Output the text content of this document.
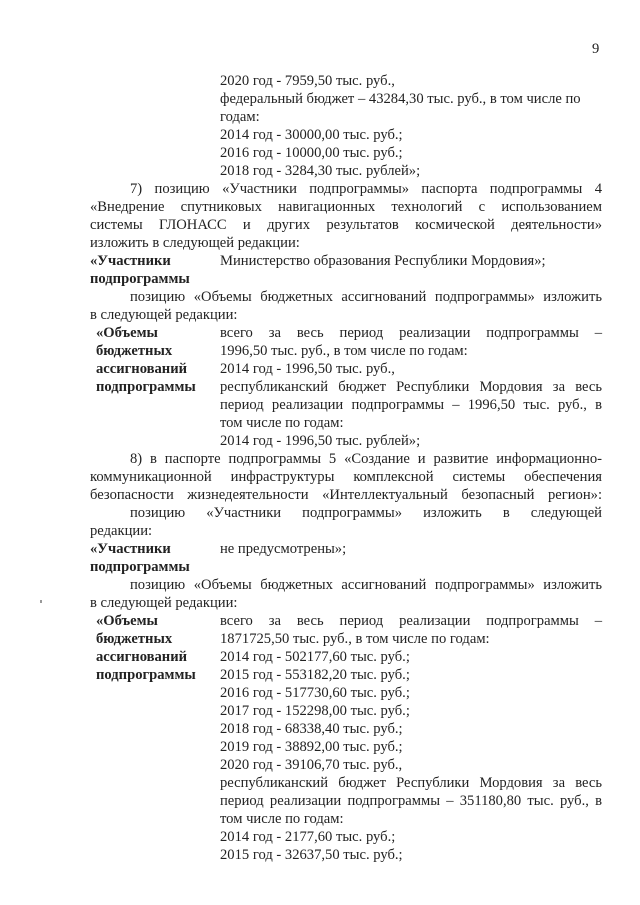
9
2020 год - 7959,50 тыс. руб.,
федеральный бюджет – 43284,30 тыс. руб., в том числе по
годам:
2014 год - 30000,00 тыс. руб.;
2016 год - 10000,00 тыс. руб.;
2018 год - 3284,30 тыс. рублей»;
7) позицию «Участники подпрограммы» паспорта подпрограммы 4
«Внедрение спутниковых навигационных технологий с использованием
системы ГЛОНАСС и других результатов космической деятельности»
изложить в следующей редакции:
«Участники	Министерство образования Республики Мордовия»;
подпрограммы
позицию «Объемы бюджетных ассигнований подпрограммы» изложить
в следующей редакции:
«Объемы	всего за весь период реализации подпрограммы –
бюджетных	1996,50 тыс. руб., в том числе по годам:
ассигнований	2014 год - 1996,50 тыс. руб.,
подпрограммы	республиканский бюджет Республики Мордовия за весь
период реализации подпрограммы – 1996,50 тыс. руб., в
том числе по годам:
2014 год - 1996,50 тыс. рублей»;
8) в паспорте подпрограммы 5 «Создание и развитие информационно-
коммуникационной инфраструктуры комплексной системы обеспечения
безопасности жизнедеятельности «Интеллектуальный безопасный регион»:
позицию «Участники подпрограммы» изложить в следующей
редакции:
«Участники	не предусмотрены»;
подпрограммы
позицию «Объемы бюджетных ассигнований подпрограммы» изложить
в следующей редакции:
«Объемы	всего за весь период реализации подпрограммы –
бюджетных	1871725,50 тыс. руб., в том числе по годам:
ассигнований	2014 год - 502177,60 тыс. руб.;
подпрограммы	2015 год - 553182,20 тыс. руб.;
2016 год - 517730,60 тыс. руб.;
2017 год - 152298,00 тыс. руб.;
2018 год - 68338,40 тыс. руб.;
2019 год - 38892,00 тыс. руб.;
2020 год - 39106,70 тыс. руб.,
республиканский бюджет Республики Мордовия за весь
период реализации подпрограммы – 351180,80 тыс. руб., в
том числе по годам:
2014 год - 2177,60 тыс. руб.;
2015 год - 32637,50 тыс. руб.;
